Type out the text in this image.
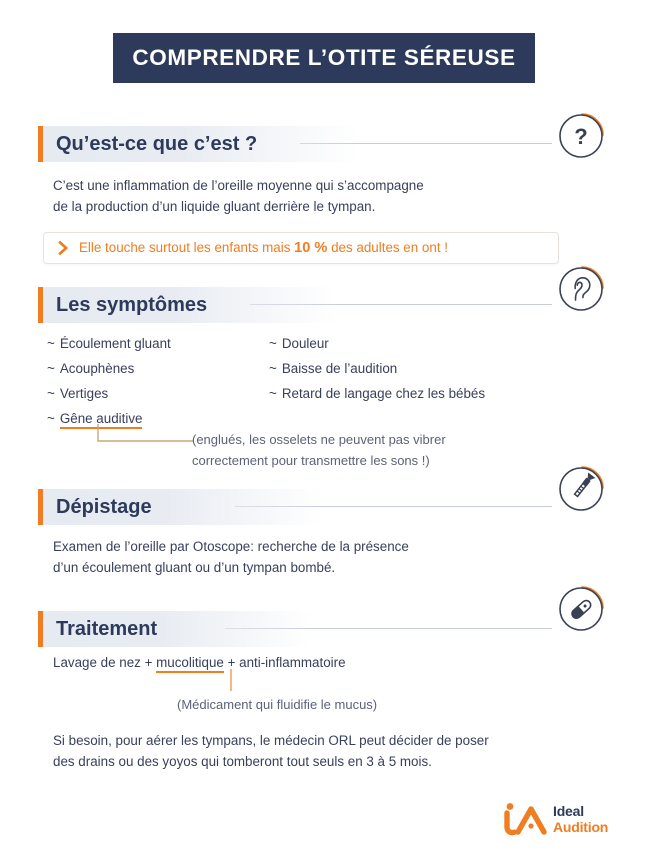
COMPRENDRE L’OTITE SÉREUSE
Qu’est-ce que c’est ?	?
C’est une inflammation de l’oreille moyenne qui s’accompagne
de la production d’un liquide gluant derrière le tympan.
Elle touche surtout les enfants mais 10 % des adultes en ont !
Les symptômes
~ Écoulement gluant
~ Acouphènes
~ Vertiges
~ Gêne auditive
~ Douleur
~ Baisse de l’audition
~ Retard de langage chez les bébés
(englués, les osselets ne peuvent pas vibrer
correctement pour transmettre les sons !)
Dépistage
Examen de l’oreille par Otoscope: recherche de la présence
d’un écoulement gluant ou d’un tympan bombé.
Traitement
Lavage de nez + mucolitique + anti-inflammatoire
(Médicament qui fluidifie le mucus)
Si besoin, pour aérer les tympans, le médecin ORL peut décider de poser
des drains ou des yoyos qui tomberont tout seuls en 3 à 5 mois.
Ideal
Audition
